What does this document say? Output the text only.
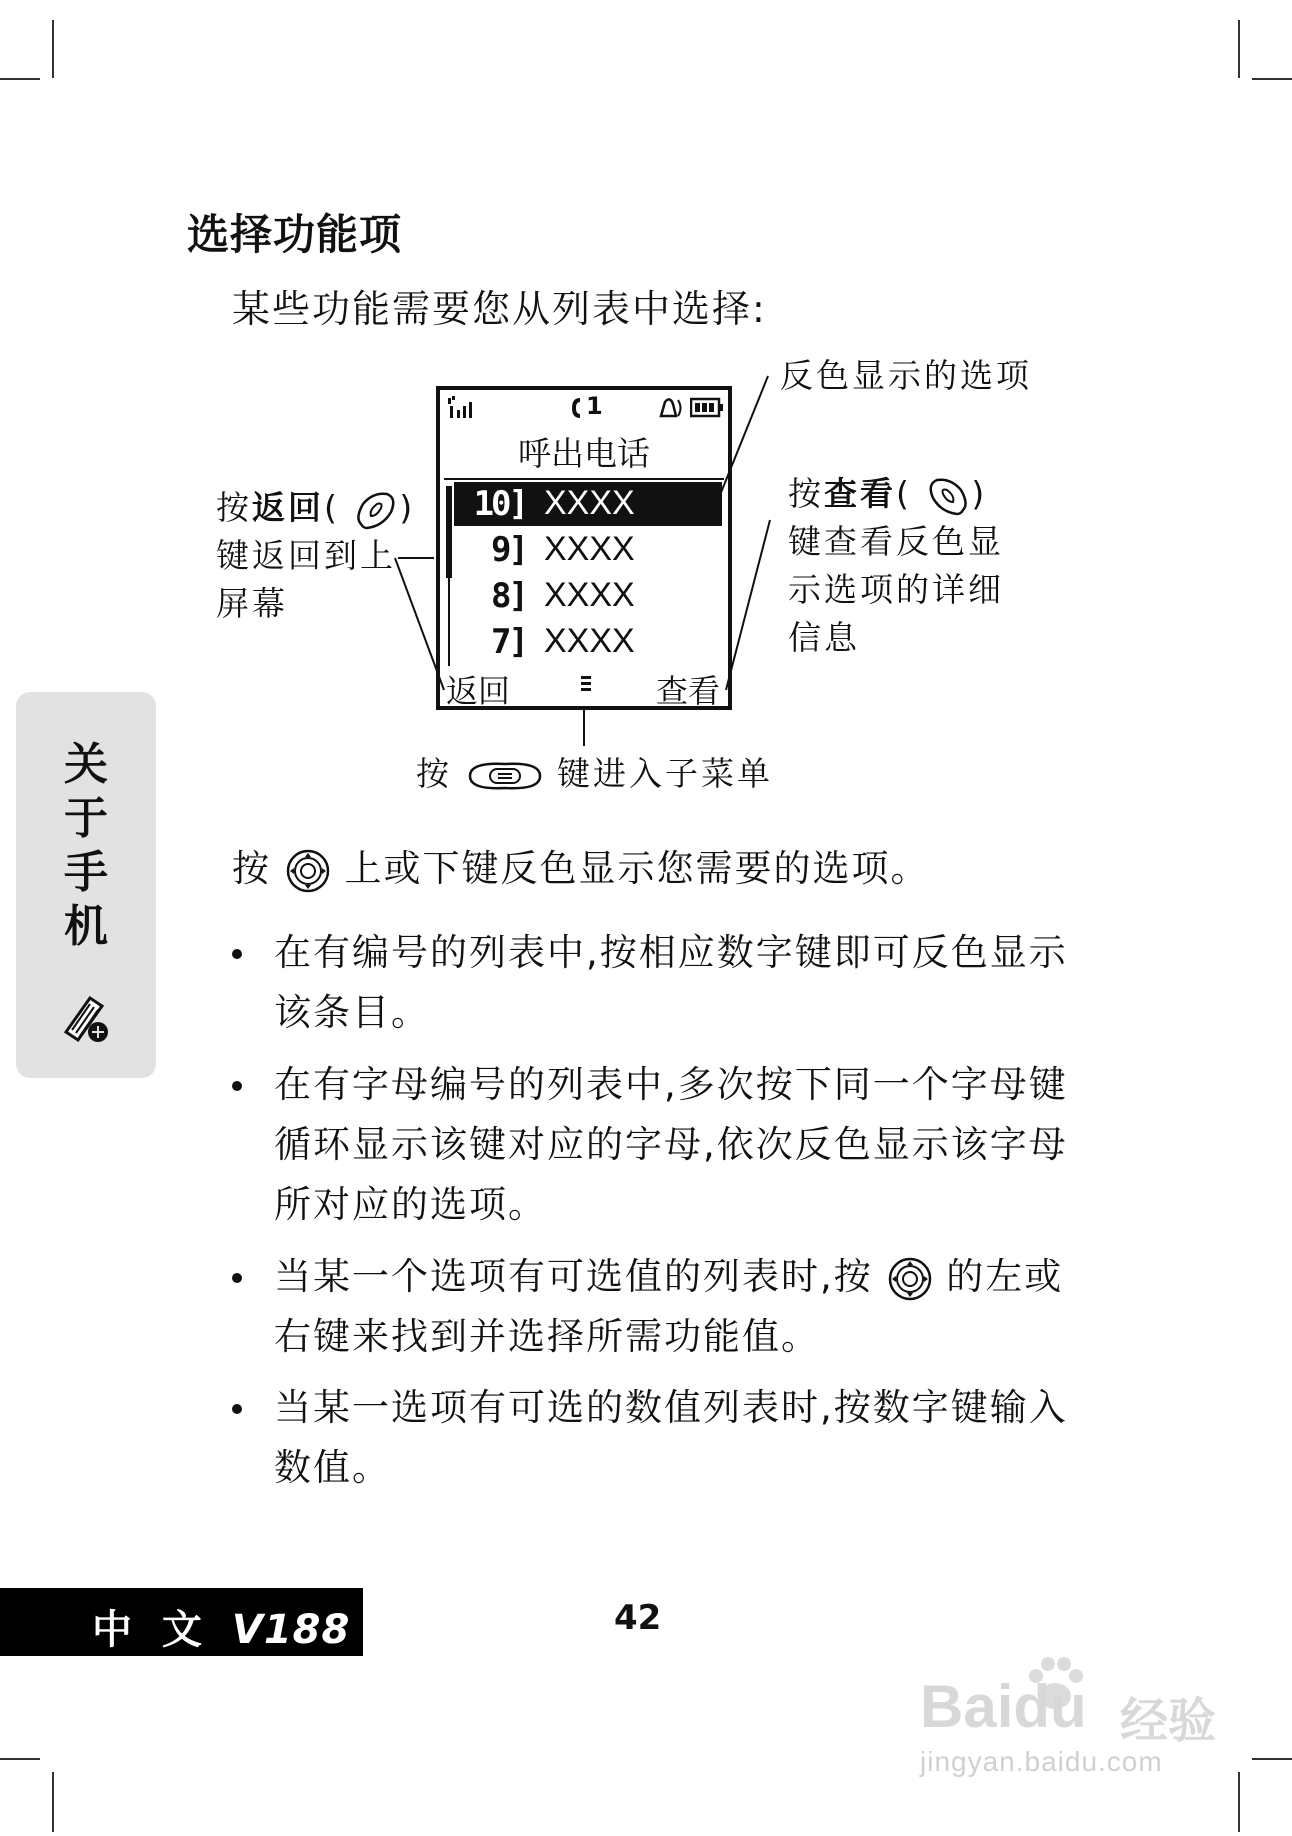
选择功能项
某些功能需要您从列表中选择:
1
呼出电话
10] XXXX
9] XXXX
8] XXXX
7] XXXX
返回	查看
反色显示的选项
按返回( )
键返回到上
屏幕
按查看( )
键查看反色显
示选项的详细
信息
按	键进入子菜单
按 上或下键反色显示您需要的选项。
在有编号的列表中,按相应数字键即可反色显示该条目。
在有字母编号的列表中,多次按下同一个字母键循环显示该键对应的字母,依次反色显示该字母所对应的选项。
当某一个选项有可选值的列表时,按 的左或右键来找到并选择所需功能值。
当某一选项有可选的数值列表时,按数字键输入数值。
关
于
手
机
中 文 V188	42
Baidu 经验
jingyan.baidu.com
